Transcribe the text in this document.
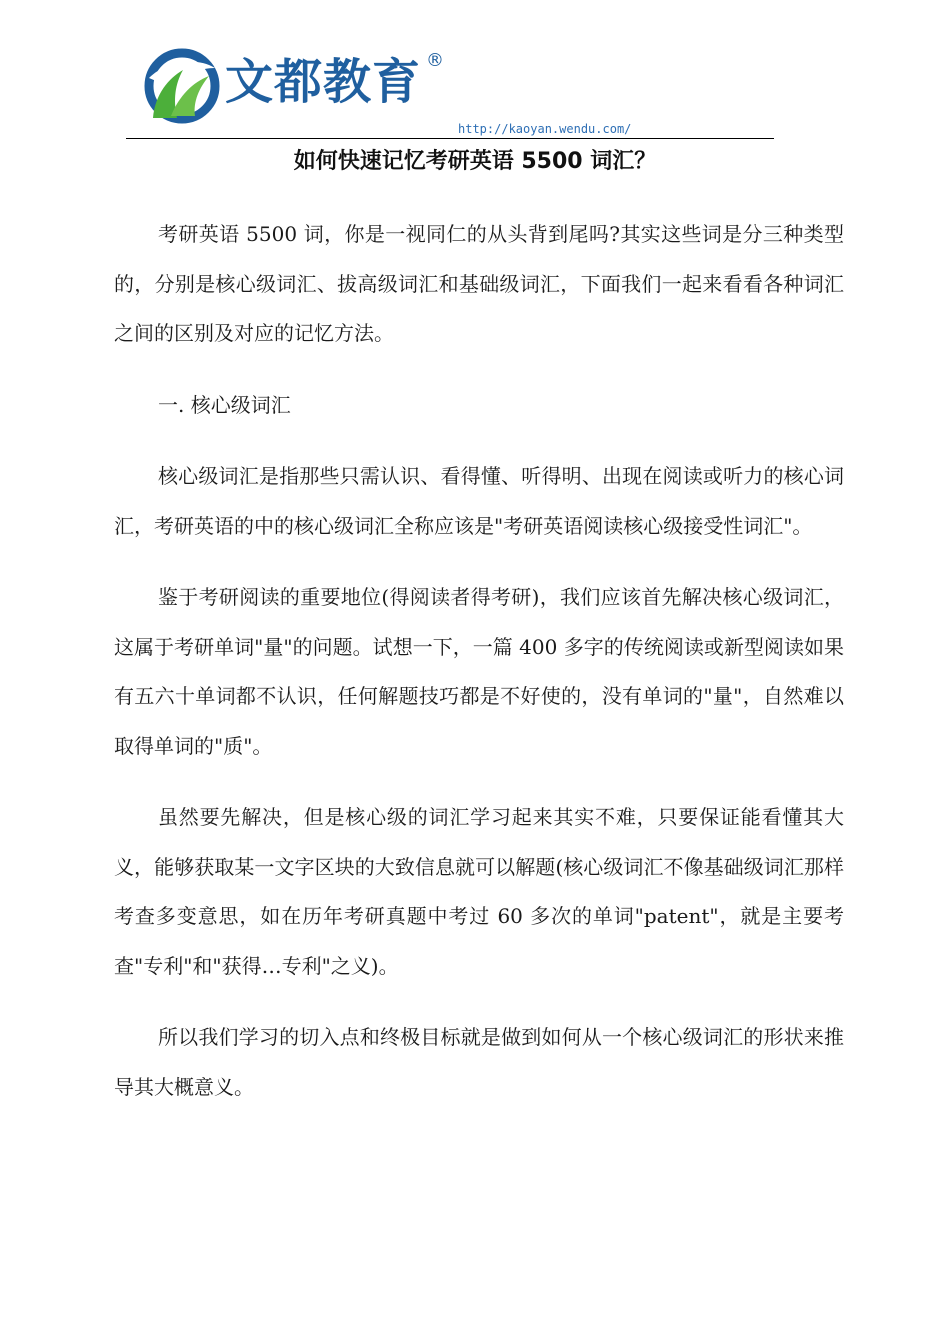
文都教育 ®
http://kaoyan.wendu.com/
如何快速记忆考研英语 5500 词汇？

考研英语 5500 词，你是一视同仁的从头背到尾吗?其实这些词是分三种类型的，分别是核心级词汇、拔高级词汇和基础级词汇，下面我们一起来看看各种词汇之间的区别及对应的记忆方法。

一. 核心级词汇

核心级词汇是指那些只需认识、看得懂、听得明、出现在阅读或听力的核心词汇，考研英语的中的核心级词汇全称应该是"考研英语阅读核心级接受性词汇"。

鉴于考研阅读的重要地位(得阅读者得考研)，我们应该首先解决核心级词汇，这属于考研单词"量"的问题。试想一下，一篇 400 多字的传统阅读或新型阅读如果有五六十单词都不认识，任何解题技巧都是不好使的，没有单词的"量"，自然难以取得单词的"质"。

虽然要先解决，但是核心级的词汇学习起来其实不难，只要保证能看懂其大义，能够获取某一文字区块的大致信息就可以解题(核心级词汇不像基础级词汇那样考查多变意思，如在历年考研真题中考过 60 多次的单词"patent"，就是主要考查"专利"和"获得…专利"之义)。

所以我们学习的切入点和终极目标就是做到如何从一个核心级词汇的形状来推导其大概意义。
